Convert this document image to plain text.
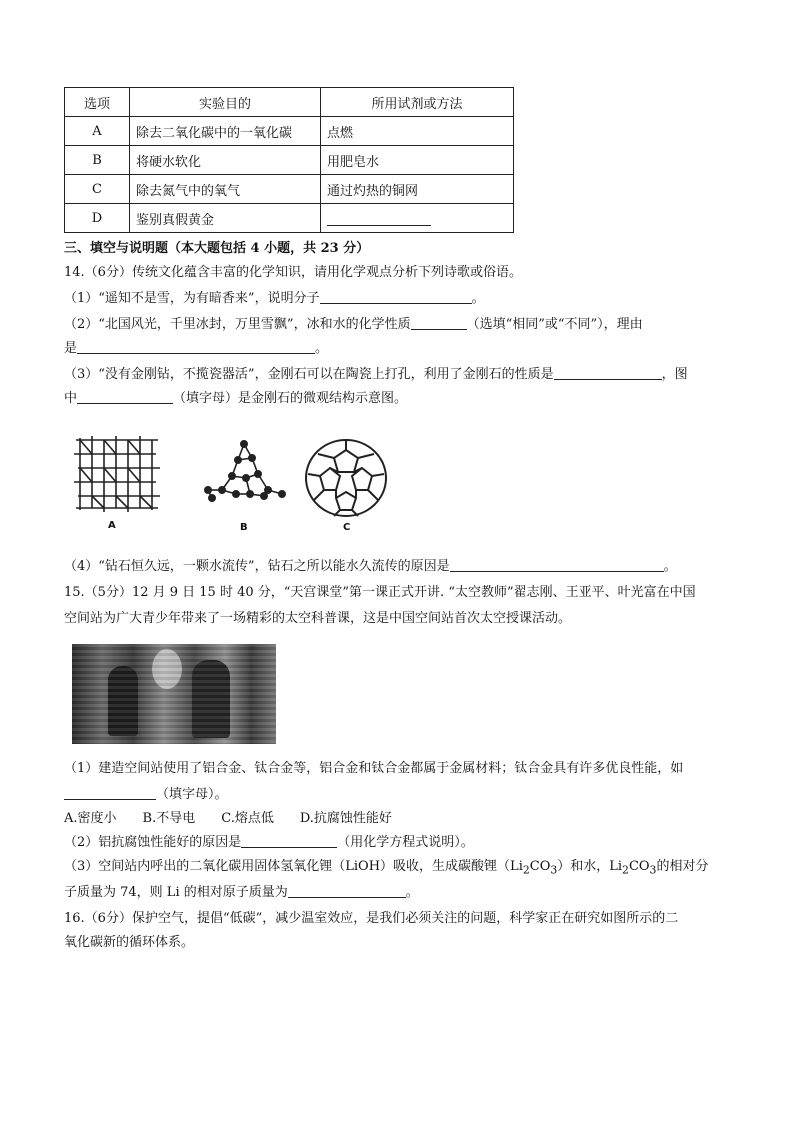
选项	实验目的	所用试剂或方法
A	除去二氧化碳中的一氧化碳	点燃
B	将硬水软化	用肥皂水
C	除去氮气中的氧气	通过灼热的铜网
D	鉴别真假黄金	
三、填空与说明题（本大题包括 4 小题，共 23 分）
14.（6分）传统文化蕴含丰富的化学知识，请用化学观点分析下列诗歌或俗语。
（1）“遥知不是雪，为有暗香来”，说明分子	。
（2）“北国风光，千里冰封，万里雪飘”，冰和水的化学性质	（选填“相同”或“不同”），理由
是	。
（3）“没有金刚钻，不揽瓷器活”，金刚石可以在陶瓷上打孔，利用了金刚石的性质是	，图
中	（填字母）是金刚石的微观结构示意图。
A	B	C
（4）“钻石恒久远，一颗水流传”，钻石之所以能水久流传的原因是	。
15.（5分）12 月 9 日 15 时 40 分，“天宫课堂”第一课正式开讲. “太空教师”翟志刚、王亚平、叶光富在中国
空间站为广大青少年带来了一场精彩的太空科普课，这是中国空间站首次太空授课活动。
（1）建造空间站使用了铝合金、钛合金等，铝合金和钛合金都属于金属材料；钛合金具有许多优良性能，如
（填字母）。
A.密度小　　B.不导电　　C.熔点低　　D.抗腐蚀性能好
（2）铝抗腐蚀性能好的原因是	（用化学方程式说明）。
（3）空间站内呼出的二氧化碳用固体氢氧化锂（LiOH）吸收，生成碳酸锂$(Li_2CO_3)$和水，$Li_2CO_3$的相对分
子质量为 74，则 Li 的相对原子质量为	。
16.（6分）保护空气，提倡“低碳”，减少温室效应，是我们必须关注的问题，科学家正在研究如图所示的二
氧化碳新的循环体系。
